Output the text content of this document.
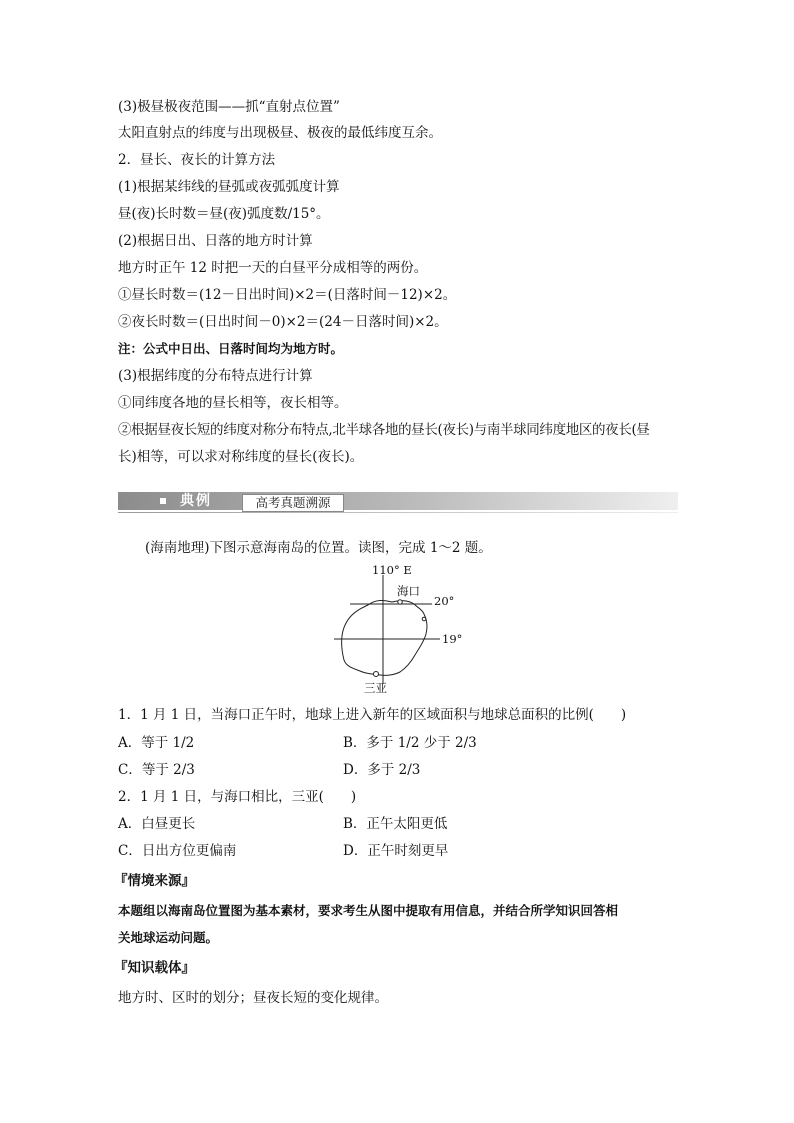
(3)极昼极夜范围——抓“直射点位置”
太阳直射点的纬度与出现极昼、极夜的最低纬度互余。
2．昼长、夜长的计算方法
(1)根据某纬线的昼弧或夜弧弧度计算
昼(夜)长时数＝昼(夜)弧度数/15°。
(2)根据日出、日落的地方时计算
地方时正午 12 时把一天的白昼平分成相等的两份。
①昼长时数＝(12－日出时间)×2＝(日落时间－12)×2。
②夜长时数＝(日出时间－0)×2＝(24－日落时间)×2。
注：公式中日出、日落时间均为地方时。
(3)根据纬度的分布特点进行计算
①同纬度各地的昼长相等，夜长相等。
②根据昼夜长短的纬度对称分布特点,北半球各地的昼长(夜长)与南半球同纬度地区的夜长(昼
长)相等，可以求对称纬度的昼长(夜长)。
典例	高考真题溯源
(海南地理)下图示意海南岛的位置。读图，完成 1～2 题。
110° E
海口
20°
19°
三亚
1．1 月 1 日，当海口正午时，地球上进入新年的区域面积与地球总面积的比例(　　)
A．等于 1/2	B．多于 1/2 少于 2/3
C．等于 2/3	D．多于 2/3
2．1 月 1 日，与海口相比，三亚(　　)
A．白昼更长	B．正午太阳更低
C．日出方位更偏南	D．正午时刻更早
『情境来源』
本题组以海南岛位置图为基本素材，要求考生从图中提取有用信息，并结合所学知识回答相
关地球运动问题。
『知识载体』
地方时、区时的划分；昼夜长短的变化规律。
